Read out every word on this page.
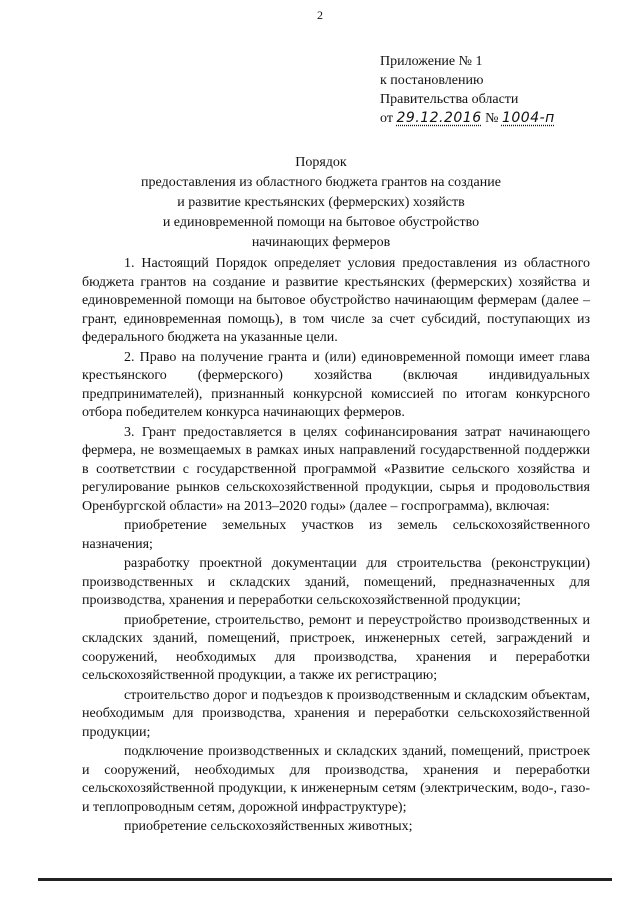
2
Приложение № 1
к постановлению
Правительства области
от 29.12.2016 № 1004-п
Порядок
предоставления из областного бюджета грантов на создание
и развитие крестьянских (фермерских) хозяйств
и единовременной помощи на бытовое обустройство
начинающих фермеров

1. Настоящий Порядок определяет условия предоставления из областного бюджета грантов на создание и развитие крестьянских (фермерских) хозяйства и единовременной помощи на бытовое обустройство начинающим фермерам (далее – грант, единовременная помощь), в том числе за счет субсидий, поступающих из федерального бюджета на указанные цели.

2. Право на получение гранта и (или) единовременной помощи имеет глава крестьянского (фермерского) хозяйства (включая индивидуальных предпринимателей), признанный конкурсной комиссией по итогам конкурсного отбора победителем конкурса начинающих фермеров.

3. Грант предоставляется в целях софинансирования затрат начинающего фермера, не возмещаемых в рамках иных направлений государственной поддержки в соответствии с государственной программой «Развитие сельского хозяйства и регулирование рынков сельскохозяйственной продукции, сырья и продовольствия Оренбургской области» на 2013–2020 годы» (далее – госпрограмма), включая:

приобретение земельных участков из земель сельскохозяйственного назначения;

разработку проектной документации для строительства (реконструкции) производственных и складских зданий, помещений, предназначенных для производства, хранения и переработки сельскохозяйственной продукции;

приобретение, строительство, ремонт и переустройство производственных и складских зданий, помещений, пристроек, инженерных сетей, заграждений и сооружений, необходимых для производства, хранения и переработки сельскохозяйственной продукции, а также их регистрацию;

строительство дорог и подъездов к производственным и складским объектам, необходимым для производства, хранения и переработки сельскохозяйственной продукции;

подключение производственных и складских зданий, помещений, пристроек и сооружений, необходимых для производства, хранения и переработки сельскохозяйственной продукции, к инженерным сетям (электрическим, водо-, газо- и теплопроводным сетям, дорожной инфраструктуре);

приобретение сельскохозяйственных животных;
